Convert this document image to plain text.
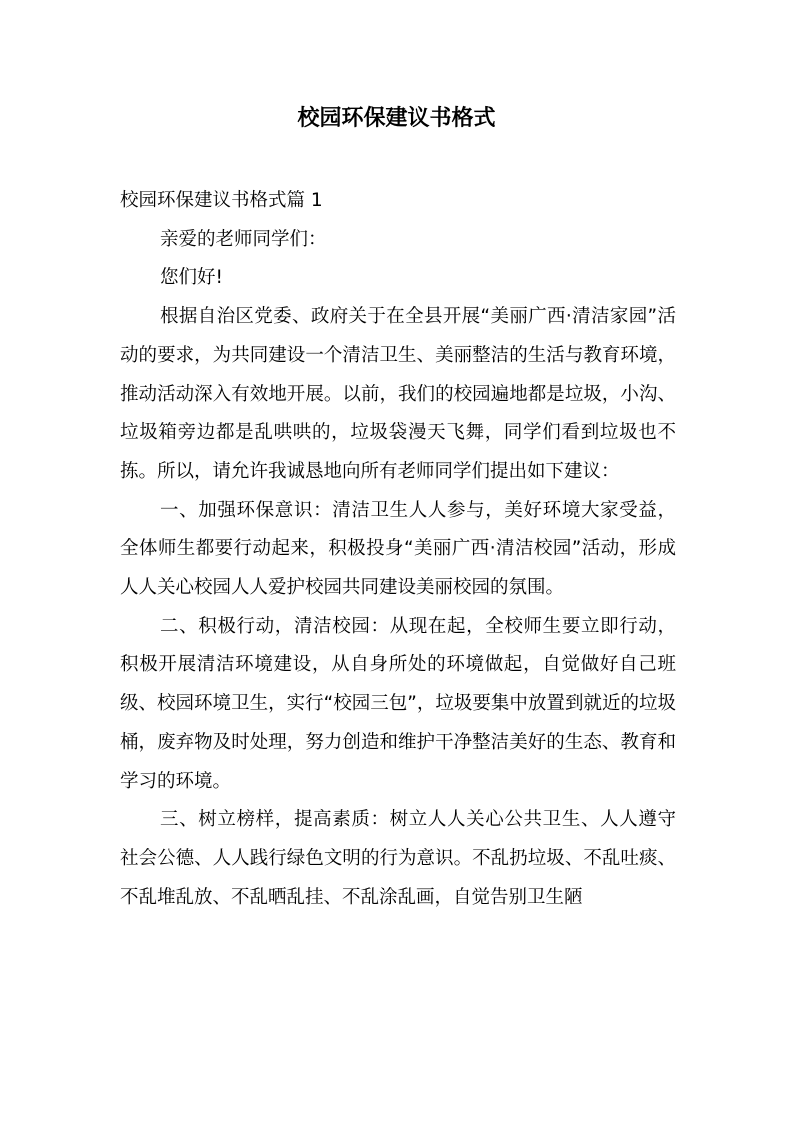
校园环保建议书格式

校园环保建议书格式篇 1

亲爱的老师同学们：

您们好!

根据自治区党委、政府关于在全县开展“美丽广西·清洁家园”活动的要求，为共同建设一个清洁卫生、美丽整洁的生活与教育环境，推动活动深入有效地开展。以前，我们的校园遍地都是垃圾，小沟、垃圾箱旁边都是乱哄哄的，垃圾袋漫天飞舞，同学们看到垃圾也不拣。所以，请允许我诚恳地向所有老师同学们提出如下建议：

一、加强环保意识：清洁卫生人人参与，美好环境大家受益，全体师生都要行动起来，积极投身“美丽广西·清洁校园”活动，形成人人关心校园人人爱护校园共同建设美丽校园的氛围。

二、积极行动，清洁校园：从现在起，全校师生要立即行动，积极开展清洁环境建设，从自身所处的环境做起，自觉做好自己班级、校园环境卫生，实行“校园三包”，垃圾要集中放置到就近的垃圾桶，废弃物及时处理，努力创造和维护干净整洁美好的生态、教育和学习的环境。

三、树立榜样，提高素质：树立人人关心公共卫生、人人遵守社会公德、人人践行绿色文明的行为意识。不乱扔垃圾、不乱吐痰、不乱堆乱放、不乱晒乱挂、不乱涂乱画，自觉告别卫生陋
